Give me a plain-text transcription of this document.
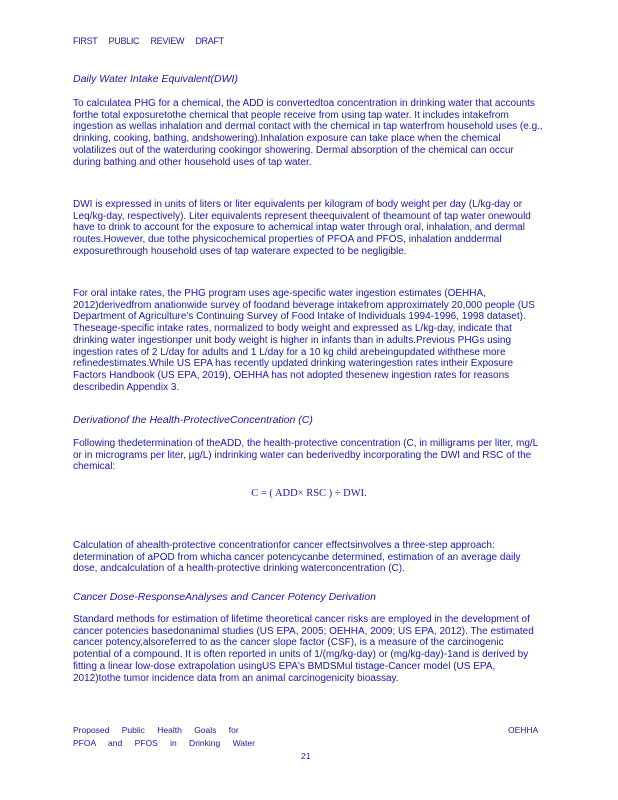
FIRST PUBLIC REVIEW DRAFT
Daily Water Intake Equivalent(DWI)

To calculatea PHG for a chemical, the ADD is convertedtoa concentration in drinking water that accounts forthe total exposuretothe chemical that people receive from using tap water. It includes intakefrom ingestion as wellas inhalation and dermal contact with the chemical in tap waterfrom household uses (e.g., drinking, cooking, bathing, andshowering).Inhalation exposure can take place when the chemical volatilizes out of the waterduring cookingor showering. Dermal absorption of the chemical can occur during bathing and other household uses of tap water.

DWI is expressed in units of liters or liter equivalents per kilogram of body weight per day (L/kg-day or Leq/kg-day, respectively). Liter equivalents represent theequivalent of theamount of tap water onewould have to drink to account for the exposure to achemical intap water through oral, inhalation, and dermal routes.However, due tothe physicochemical properties of PFOA and PFOS, inhalation anddermal exposurethrough household uses of tap waterare expected to be negligible.

For oral intake rates, the PHG program uses age-specific water ingestion estimates (OEHHA, 2012)derivedfrom anationwide survey of foodand beverage intakefrom approximately 20,000 people (US Department of Agriculture's Continuing Survey of Food Intake of Individuals 1994-1996, 1998 dataset). Theseage-specific intake rates, normalized to body weight and expressed as L/kg-day, indicate that drinking water ingestionper unit body weight is higher in infants than in adults.Previous PHGs using ingestion rates of 2 L/day for adults and 1 L/day for a 10 kg child arebeingupdated withthese more refinedestimates.While US EPA has recently updated drinking wateringestion rates intheir Exposure Factors Handbook (US EPA, 2019), OEHHA has not adopted thesenew ingestion rates for reasons describedin Appendix 3.

Derivationof the Health-ProtectiveConcentration (C)

Following thedetermination of theADD, the health-protective concentration (C, in milligrams per liter, mg/L or in micrograms per liter, µg/L) indrinking water can bederivedby incorporating the DWI and RSC of the chemical:

C = ( ADD× RSC ) ÷ DWI.

Calculation of ahealth-protective concentrationfor cancer effectsinvolves a three-step approach: determination of aPOD from whicha cancer potencycanbe determined, estimation of an average daily dose, andcalculation of a health-protective drinking waterconcentration (C).

Cancer Dose-ResponseAnalyses and Cancer Potency Derivation

Standard methods for estimation of lifetime theoretical cancer risks are employed in the development of cancer potencies basedonanimal studies (US EPA, 2005; OEHHA, 2009; US EPA, 2012). The estimated cancer potency,alsoreferred to as the cancer slope factor (CSF), is a measure of the carcinogenic potential of a compound. It is often reported in units of 1/(mg/kg-day) or (mg/kg-day)-1and is derived by fitting a linear low-dose extrapolation usingUS EPA's BMDSMul tistage-Cancer model (US EPA, 2012)tothe tumor incidence data from an animal carcinogenicity bioassay.

Proposed Public Health Goals for
PFOA and PFOS in Drinking Water
OEHHA
21
